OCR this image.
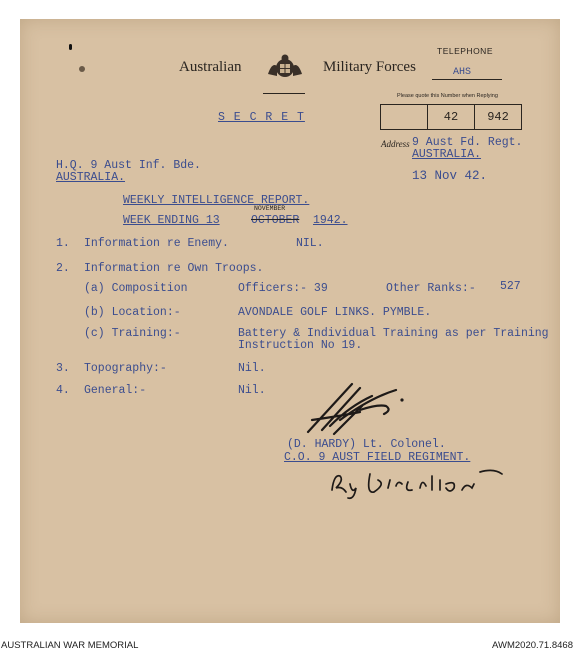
Australian	Military Forces
TELEPHONE
AHS
Please quote this Number when Replying
42	942
S E C R E T
Address 9 Aust Fd. Regt.
AUSTRALIA.
13 Nov 42.
H.Q. 9 Aust Inf. Bde.
AUSTRALIA.
WEEKLY INTELLIGENCE REPORT.
WEEK ENDING 13	OCTOBER
NOVEMBER
1942.
1. Information re Enemy.	NIL.
2. Information re Own Troops.
(a) Composition	Officers:- 39	Other Ranks:- 527
(b) Location:-	AVONDALE GOLF LINKS. PYMBLE.
(c) Training:-	Battery & Individual Training as per Training
Instruction No 19.
3. Topography:-	Nil.
4. General:-	Nil.
(D. HARDY) Lt. Colonel.
C.O. 9 AUST FIELD REGIMENT.
AUSTRALIAN WAR MEMORIAL	AWM2020.71.8468
